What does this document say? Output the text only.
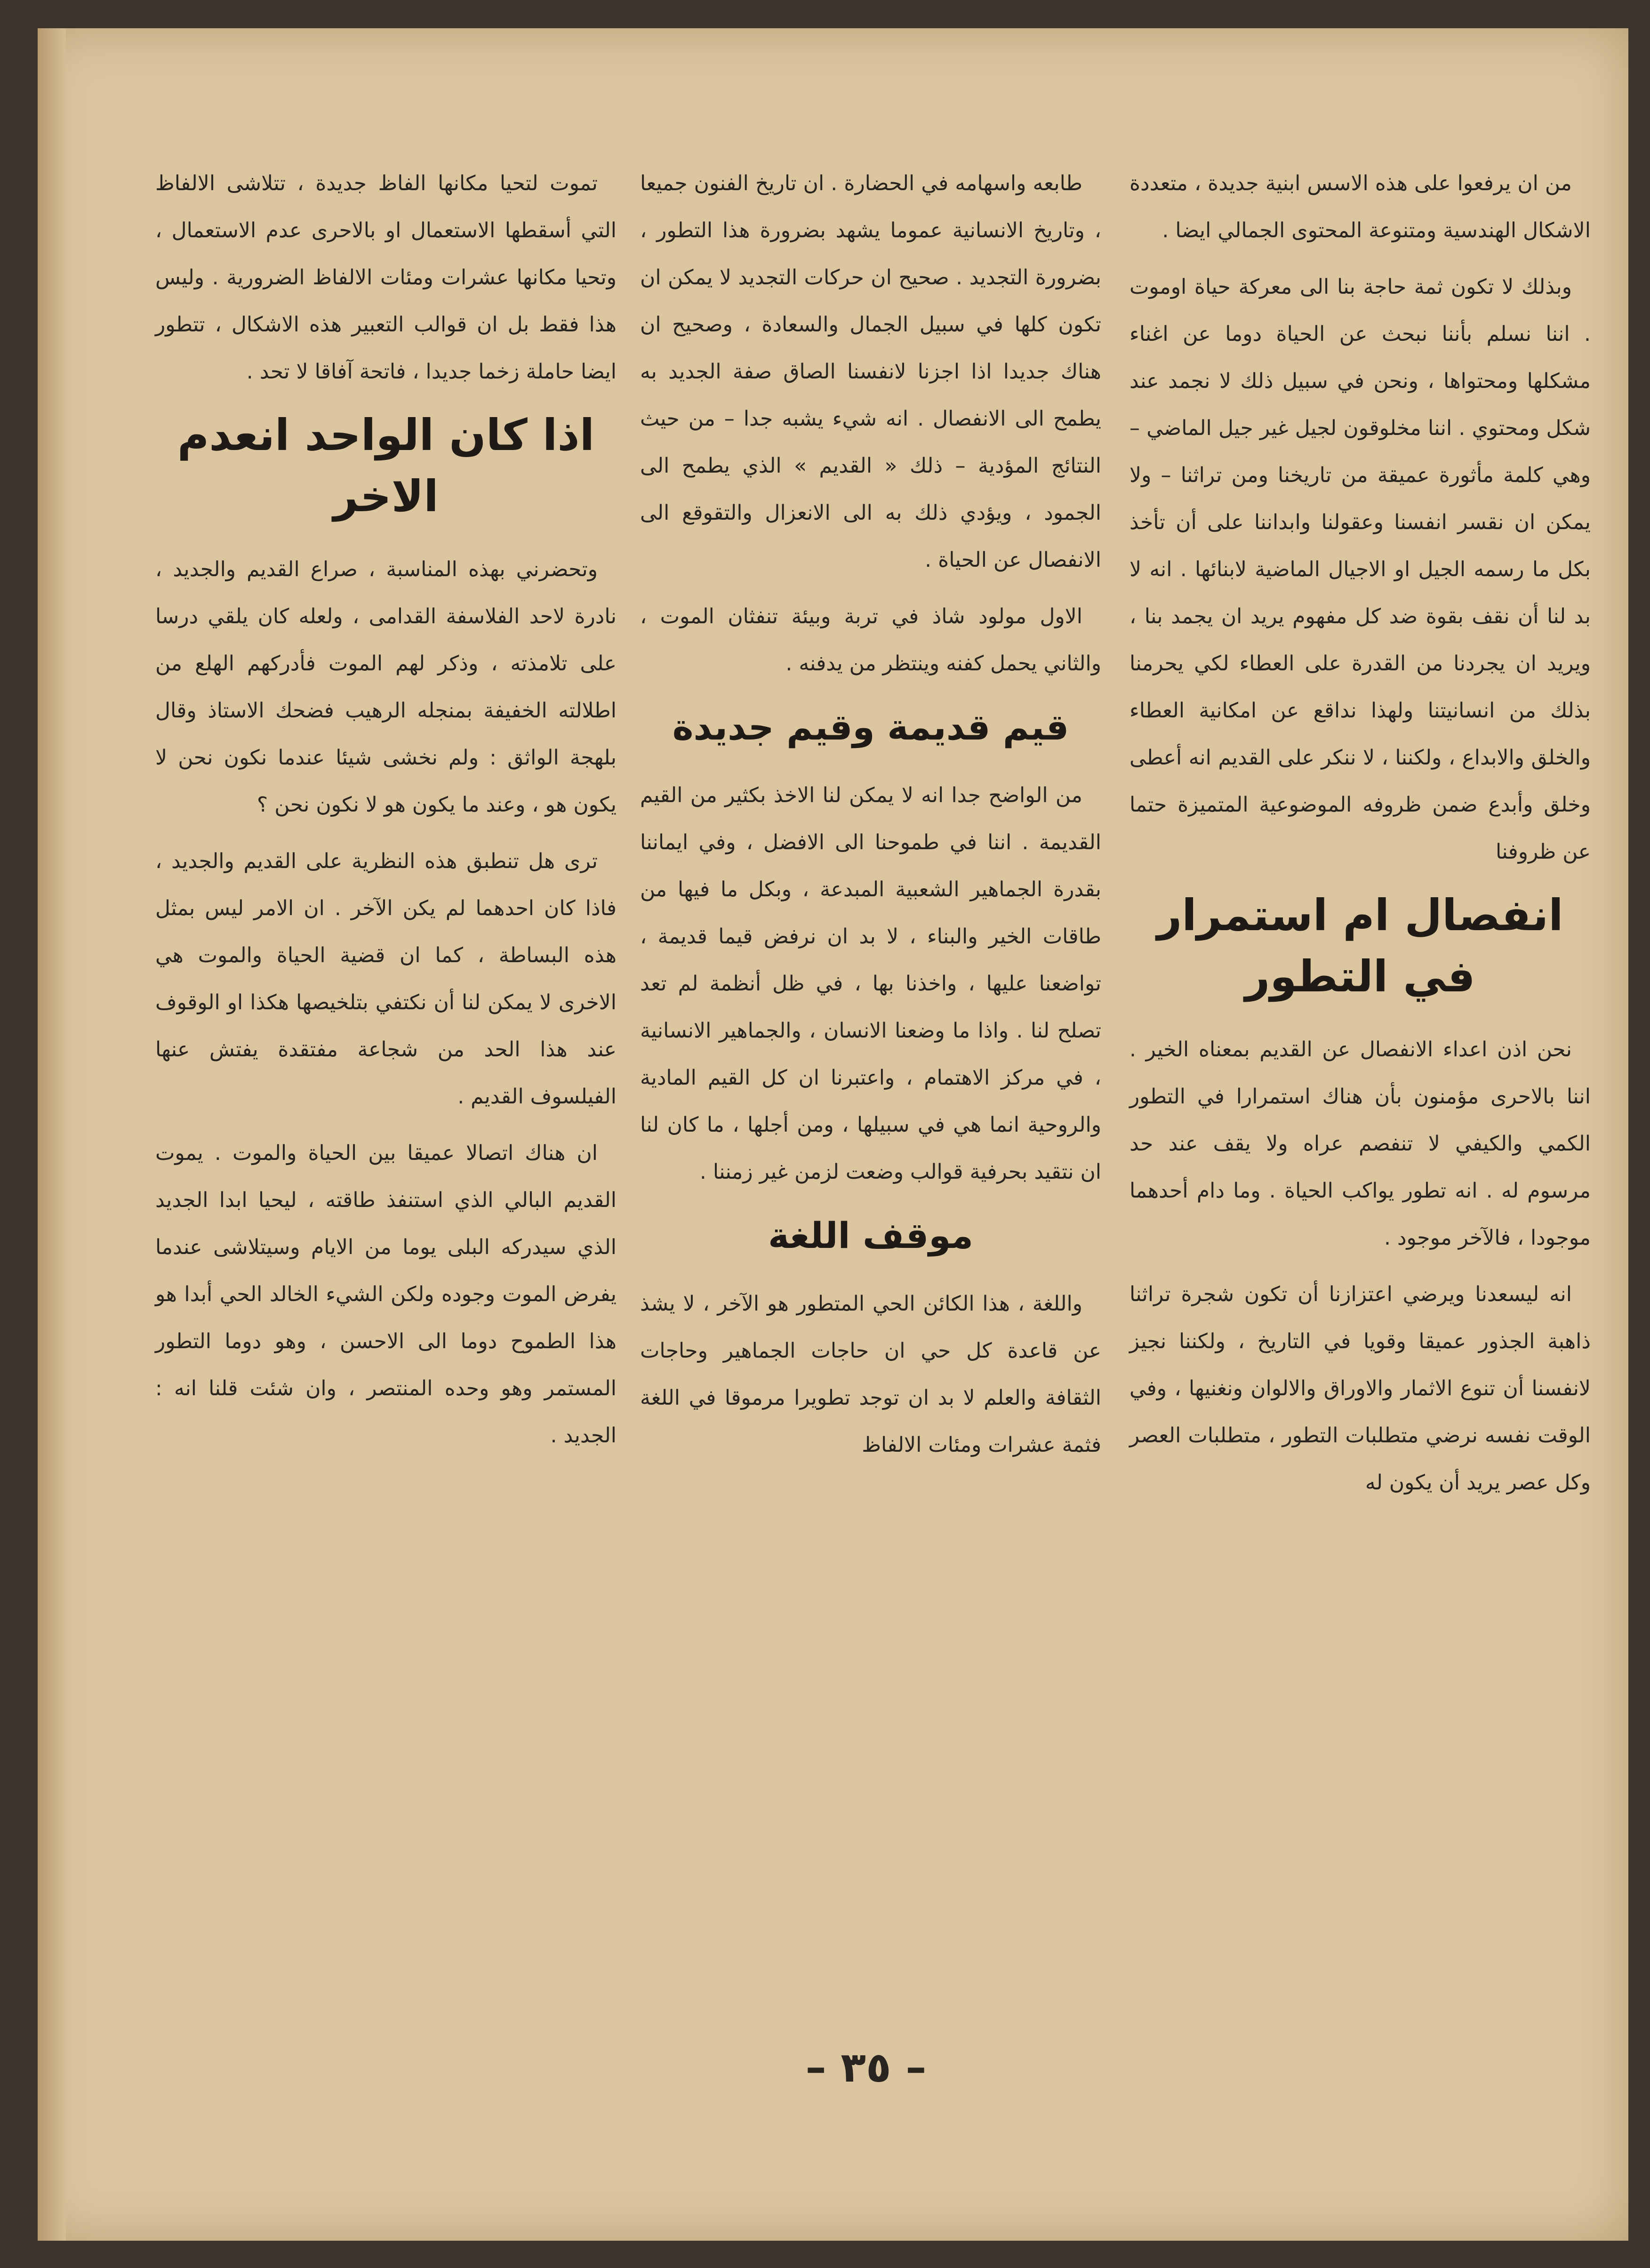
من ان يرفعوا على هذه الاسس ابنية جديدة ، متعددة الاشكال الهندسية ومتنوعة المحتوى الجمالي ايضا .

وبذلك لا تكون ثمة حاجة بنا الى معركة حياة اوموت . اننا نسلم بأننا نبحث عن الحياة دوما عن اغناء مشكلها ومحتواها ، ونحن في سبيل ذلك لا نجمد عند شكل ومحتوي . اننا مخلوقون لجيل غير جيل الماضي – وهي كلمة مأثورة عميقة من تاريخنا ومن تراثنا – ولا يمكن ان نقسر انفسنا وعقولنا وابداننا على أن تأخذ بكل ما رسمه الجيل او الاجيال الماضية لابنائها . انه لا بد لنا أن نقف بقوة ضد كل مفهوم يريد ان يجمد بنا ، ويريد ان يجردنا من القدرة على العطاء لكي يحرمنا بذلك من انسانيتنا ولهذا نداقع عن امكانية العطاء والخلق والابداع ، ولكننا ، لا ننكر على القديم انه أعطى وخلق وأبدع ضمن ظروفه الموضوعية المتميزة حتما عن ظروفنا

انفصال ام استمرار في التطور

نحن اذن اعداء الانفصال عن القديم بمعناه الخير . اننا بالاحرى مؤمنون بأن هناك استمرارا في التطور الكمي والكيفي لا تنفصم عراه ولا يقف عند حد مرسوم له . انه تطور يواكب الحياة . وما دام أحدهما موجودا ، فالآخر موجود .

انه ليسعدنا ويرضي اعتزازنا أن تكون شجرة تراثنا ذاهبة الجذور عميقا وقويا في التاريخ ، ولكننا نجيز لانفسنا أن تنوع الاثمار والاوراق والالوان ونغنيها ، وفي الوقت نفسه نرضي متطلبات التطور ، متطلبات العصر وكل عصر يريد أن يكون له

طابعه واسهامه في الحضارة . ان تاريخ الفنون جميعا ، وتاريخ الانسانية عموما يشهد بضرورة هذا التطور ، بضرورة التجديد . صحيح ان حركات التجديد لا يمكن ان تكون كلها في سبيل الجمال والسعادة ، وصحيح ان هناك جديدا اذا اجزنا لانفسنا الصاق صفة الجديد به يطمح الى الانفصال . انه شيء يشبه جدا – من حيث النتائج المؤدية – ذلك « القديم » الذي يطمح الى الجمود ، ويؤدي ذلك به الى الانعزال والتقوقع الى الانفصال عن الحياة .

الاول مولود شاذ في تربة وبيئة تنفثان الموت ، والثاني يحمل كفنه وينتظر من يدفنه .

قيم قديمة وقيم جديدة

من الواضح جدا انه لا يمكن لنا الاخذ بكثير من القيم القديمة . اننا في طموحنا الى الافضل ، وفي ايماننا بقدرة الجماهير الشعبية المبدعة ، وبكل ما فيها من طاقات الخير والبناء ، لا بد ان نرفض قيما قديمة ، تواضعنا عليها ، واخذنا بها ، في ظل أنظمة لم تعد تصلح لنا . واذا ما وضعنا الانسان ، والجماهير الانسانية ، في مركز الاهتمام ، واعتبرنا ان كل القيم المادية والروحية انما هي في سبيلها ، ومن أجلها ، ما كان لنا ان نتقيد بحرفية قوالب وضعت لزمن غير زمننا .

موقف اللغة

واللغة ، هذا الكائن الحي المتطور هو الآخر ، لا يشذ عن قاعدة كل حي ان حاجات الجماهير وحاجات الثقافة والعلم لا بد ان توجد تطويرا مرموقا في اللغة فثمة عشرات ومئات الالفاظ

تموت لتحيا مكانها الفاظ جديدة ، تتلاشى الالفاظ التي أسقطها الاستعمال او بالاحرى عدم الاستعمال ، وتحيا مكانها عشرات ومئات الالفاظ الضرورية . وليس هذا فقط بل ان قوالب التعبير هذه الاشكال ، تتطور ايضا حاملة زخما جديدا ، فاتحة آفاقا لا تحد .

اذا كان الواحد انعدم الاخر

وتحضرني بهذه المناسبة ، صراع القديم والجديد ، نادرة لاحد الفلاسفة القدامى ، ولعله كان يلقي درسا على تلامذته ، وذكر لهم الموت فأدركهم الهلع من اطلالته الخفيفة بمنجله الرهيب فضحك الاستاذ وقال بلهجة الواثق : ولم نخشى شيئا عندما نكون نحن لا يكون هو ، وعند ما يكون هو لا نكون نحن ؟

ترى هل تنطبق هذه النظرية على القديم والجديد ، فاذا كان احدهما لم يكن الآخر . ان الامر ليس بمثل هذه البساطة ، كما ان قضية الحياة والموت هي الاخرى لا يمكن لنا أن نكتفي بتلخيصها هكذا او الوقوف عند هذا الحد من شجاعة مفتقدة يفتش عنها الفيلسوف القديم .

ان هناك اتصالا عميقا بين الحياة والموت . يموت القديم البالي الذي استنفذ طاقته ، ليحيا ابدا الجديد الذي سيدركه البلى يوما من الايام وسيتلاشى عندما يفرض الموت وجوده ولكن الشيء الخالد الحي أبدا هو هذا الطموح دوما الى الاحسن ، وهو دوما التطور المستمر وهو وحده المنتصر ، وان شئت قلنا انه : الجديد .

– ٣٥ –
